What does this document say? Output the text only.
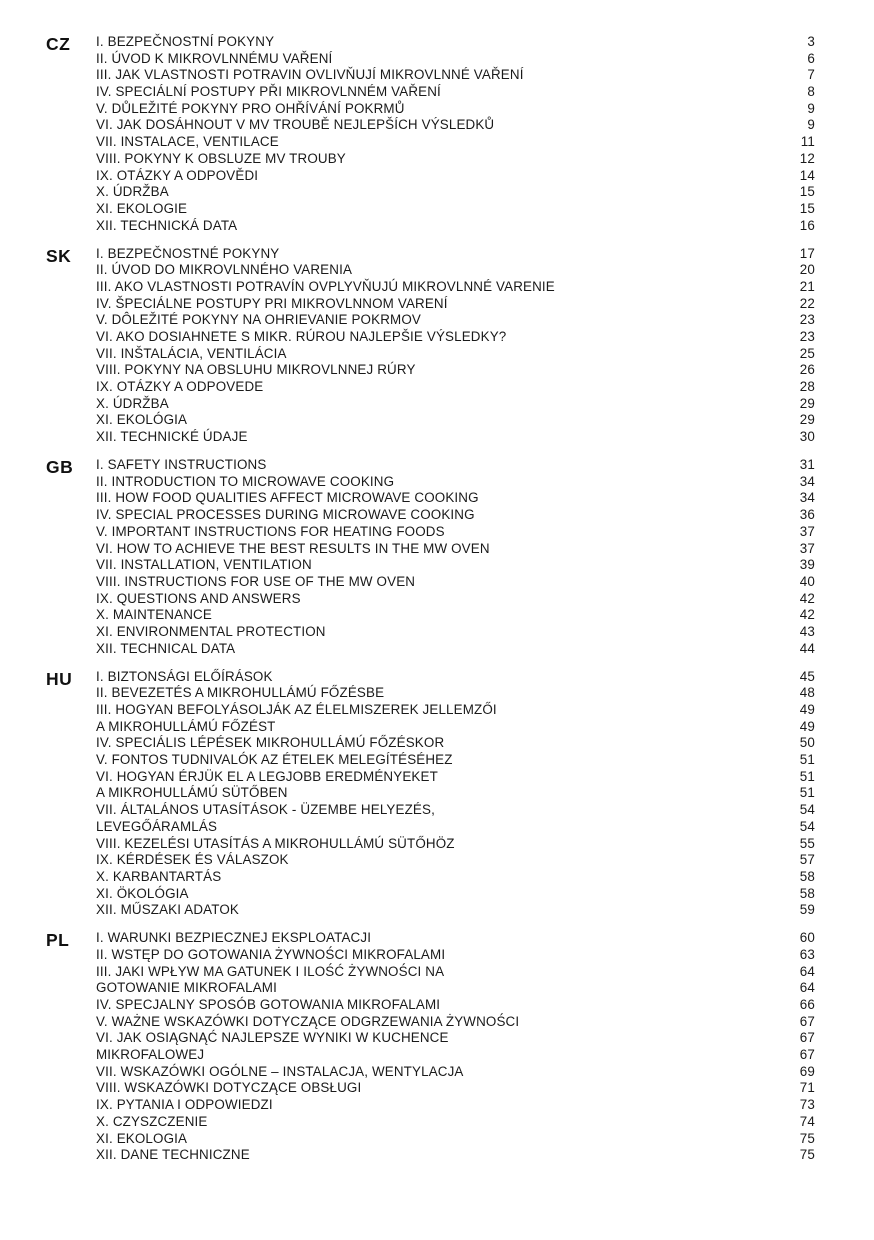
CZ I. BEZPEČNOSTNÍ POKYNY	3
II. ÚVOD K MIKROVLNNÉMU VAŘENÍ	6
III. JAK VLASTNOSTI POTRAVIN OVLIVŇUJÍ MIKROVLNNÉ VAŘENÍ	7
IV. SPECIÁLNÍ POSTUPY PŘI MIKROVLNNÉM VAŘENÍ	8
V. DŮLEŽITÉ POKYNY PRO OHŘÍVÁNÍ POKRMŮ	9
VI. JAK DOSÁHNOUT V MV TROUBĚ NEJLEPŠÍCH VÝSLEDKŮ	9
VII. INSTALACE, VENTILACE	11
VIII. POKYNY K OBSLUZE MV TROUBY	12
IX. OTÁZKY A ODPOVĚDI	14
X. ÚDRŽBA	15
XI. EKOLOGIE	15
XII. TECHNICKÁ DATA	16
SK I. BEZPEČNOSTNÉ POKYNY	17
II. ÚVOD DO MIKROVLNNÉHO VARENIA	20
III. AKO VLASTNOSTI POTRAVÍN OVPLYVŇUJÚ MIKROVLNNÉ VARENIE	21
IV. ŠPECIÁLNE POSTUPY PRI MIKROVLNNOM VARENÍ	22
V. DÔLEŽITÉ POKYNY NA OHRIEVANIE POKRMOV	23
VI. AKO DOSIAHNETE S MIKR. RÚROU NAJLEPŠIE VÝSLEDKY?	23
VII. INŠTALÁCIA, VENTILÁCIA	25
VIII. POKYNY NA OBSLUHU MIKROVLNNEJ RÚRY	26
IX. OTÁZKY A ODPOVEDE	28
X. ÚDRŽBA	29
XI. EKOLÓGIA	29
XII. TECHNICKÉ ÚDAJE	30
GB I. SAFETY INSTRUCTIONS	31
II. INTRODUCTION TO MICROWAVE COOKING	34
III. HOW FOOD QUALITIES AFFECT MICROWAVE COOKING	34
IV. SPECIAL PROCESSES DURING MICROWAVE COOKING	36
V. IMPORTANT INSTRUCTIONS FOR HEATING FOODS	37
VI. HOW TO ACHIEVE THE BEST RESULTS IN THE MW OVEN	37
VII. INSTALLATION, VENTILATION	39
VIII. INSTRUCTIONS FOR USE OF THE MW OVEN	40
IX. QUESTIONS AND ANSWERS	42
X. MAINTENANCE	42
XI. ENVIRONMENTAL PROTECTION	43
XII. TECHNICAL DATA	44
HU I. BIZTONSÁGI ELŐÍRÁSOK	45
II. BEVEZETÉS A MIKROHULLÁMÚ FŐZÉSBE	48
III. HOGYAN BEFOLYÁSOLJÁK AZ ÉLELMISZEREK JELLEMZŐI	49
A MIKROHULLÁMÚ FŐZÉST	49
IV. SPECIÁLIS LÉPÉSEK MIKROHULLÁMÚ FŐZÉSKOR	50
V. FONTOS TUDNIVALÓK AZ ÉTELEK MELEGÍTÉSÉHEZ	51
VI. HOGYAN ÉRJÜK EL A LEGJOBB EREDMÉNYEKET	51
A MIKROHULLÁMÚ SÜTŐBEN	51
VII. ÁLTALÁNOS UTASÍTÁSOK - ÜZEMBE HELYEZÉS,	54
LEVEGŐÁRAMLÁS	54
VIII. KEZELÉSI UTASÍTÁS A MIKROHULLÁMÚ SÜTŐHÖZ	55
IX. KÉRDÉSEK ÉS VÁLASZOK	57
X. KARBANTARTÁS	58
XI. ÖKOLÓGIA	58
XII. MŰSZAKI ADATOK	59
PL I. WARUNKI BEZPIECZNEJ EKSPLOATACJI	60
II. WSTĘP DO GOTOWANIA ŻYWNOŚCI MIKROFALAMI	63
III. JAKI WPŁYW MA GATUNEK I ILOŚĆ ŻYWNOŚCI NA	64
GOTOWANIE MIKROFALAMI	64
IV. SPECJALNY SPOSÓB GOTOWANIA MIKROFALAMI	66
V. WAŻNE WSKAZÓWKI DOTYCZĄCE ODGRZEWANIA ŻYWNOŚCI	67
VI. JAK OSIĄGNĄĆ NAJLEPSZE WYNIKI W KUCHENCE	67
MIKROFALOWEJ	67
VII. WSKAZÓWKI OGÓLNE – INSTALACJA, WENTYLACJA	69
VIII. WSKAZÓWKI DOTYCZĄCE OBSŁUGI	71
IX. PYTANIA I ODPOWIEDZI	73
X. CZYSZCZENIE	74
XI. EKOLOGIA	75
XII. DANE TECHNICZNE	75
